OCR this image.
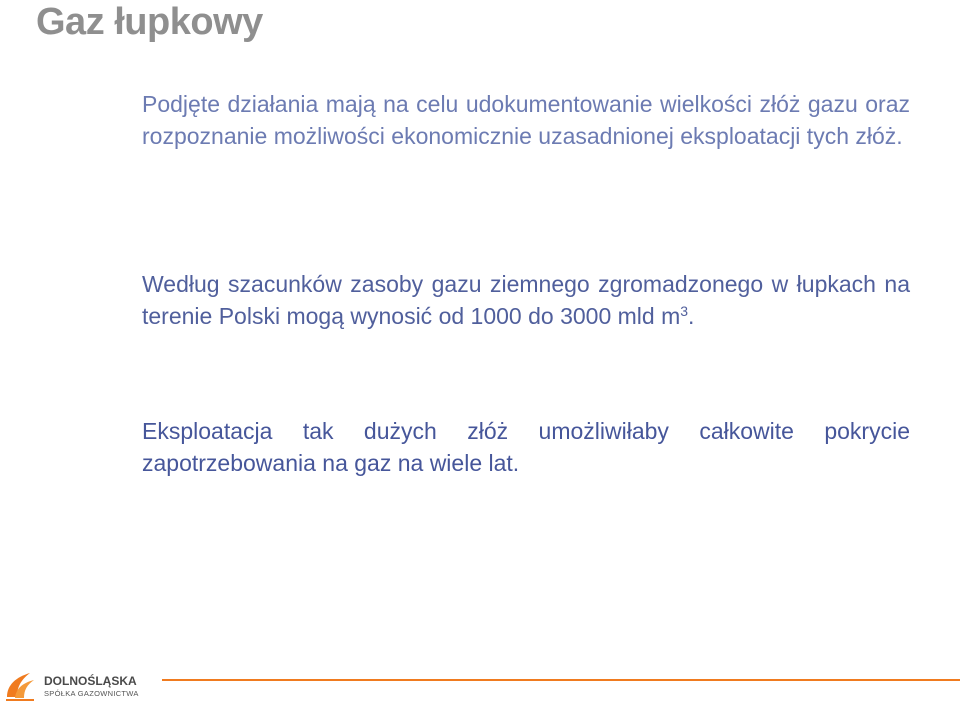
Gaz łupkowy
Podjęte działania mają na celu udokumentowanie wielkości złóż gazu oraz rozpoznanie możliwości ekonomicznie uzasadnionej eksploatacji tych złóż.
Według szacunków zasoby gazu ziemnego zgromadzonego w łupkach na terenie Polski mogą wynosić od 1000 do 3000 mld $m^3$.
Eksploatacja tak dużych złóż umożliwiłaby całkowite pokrycie zapotrzebowania na gaz na wiele lat.
DOLNOŚLĄSKA
SPÓŁKA GAZOWNICTWA
